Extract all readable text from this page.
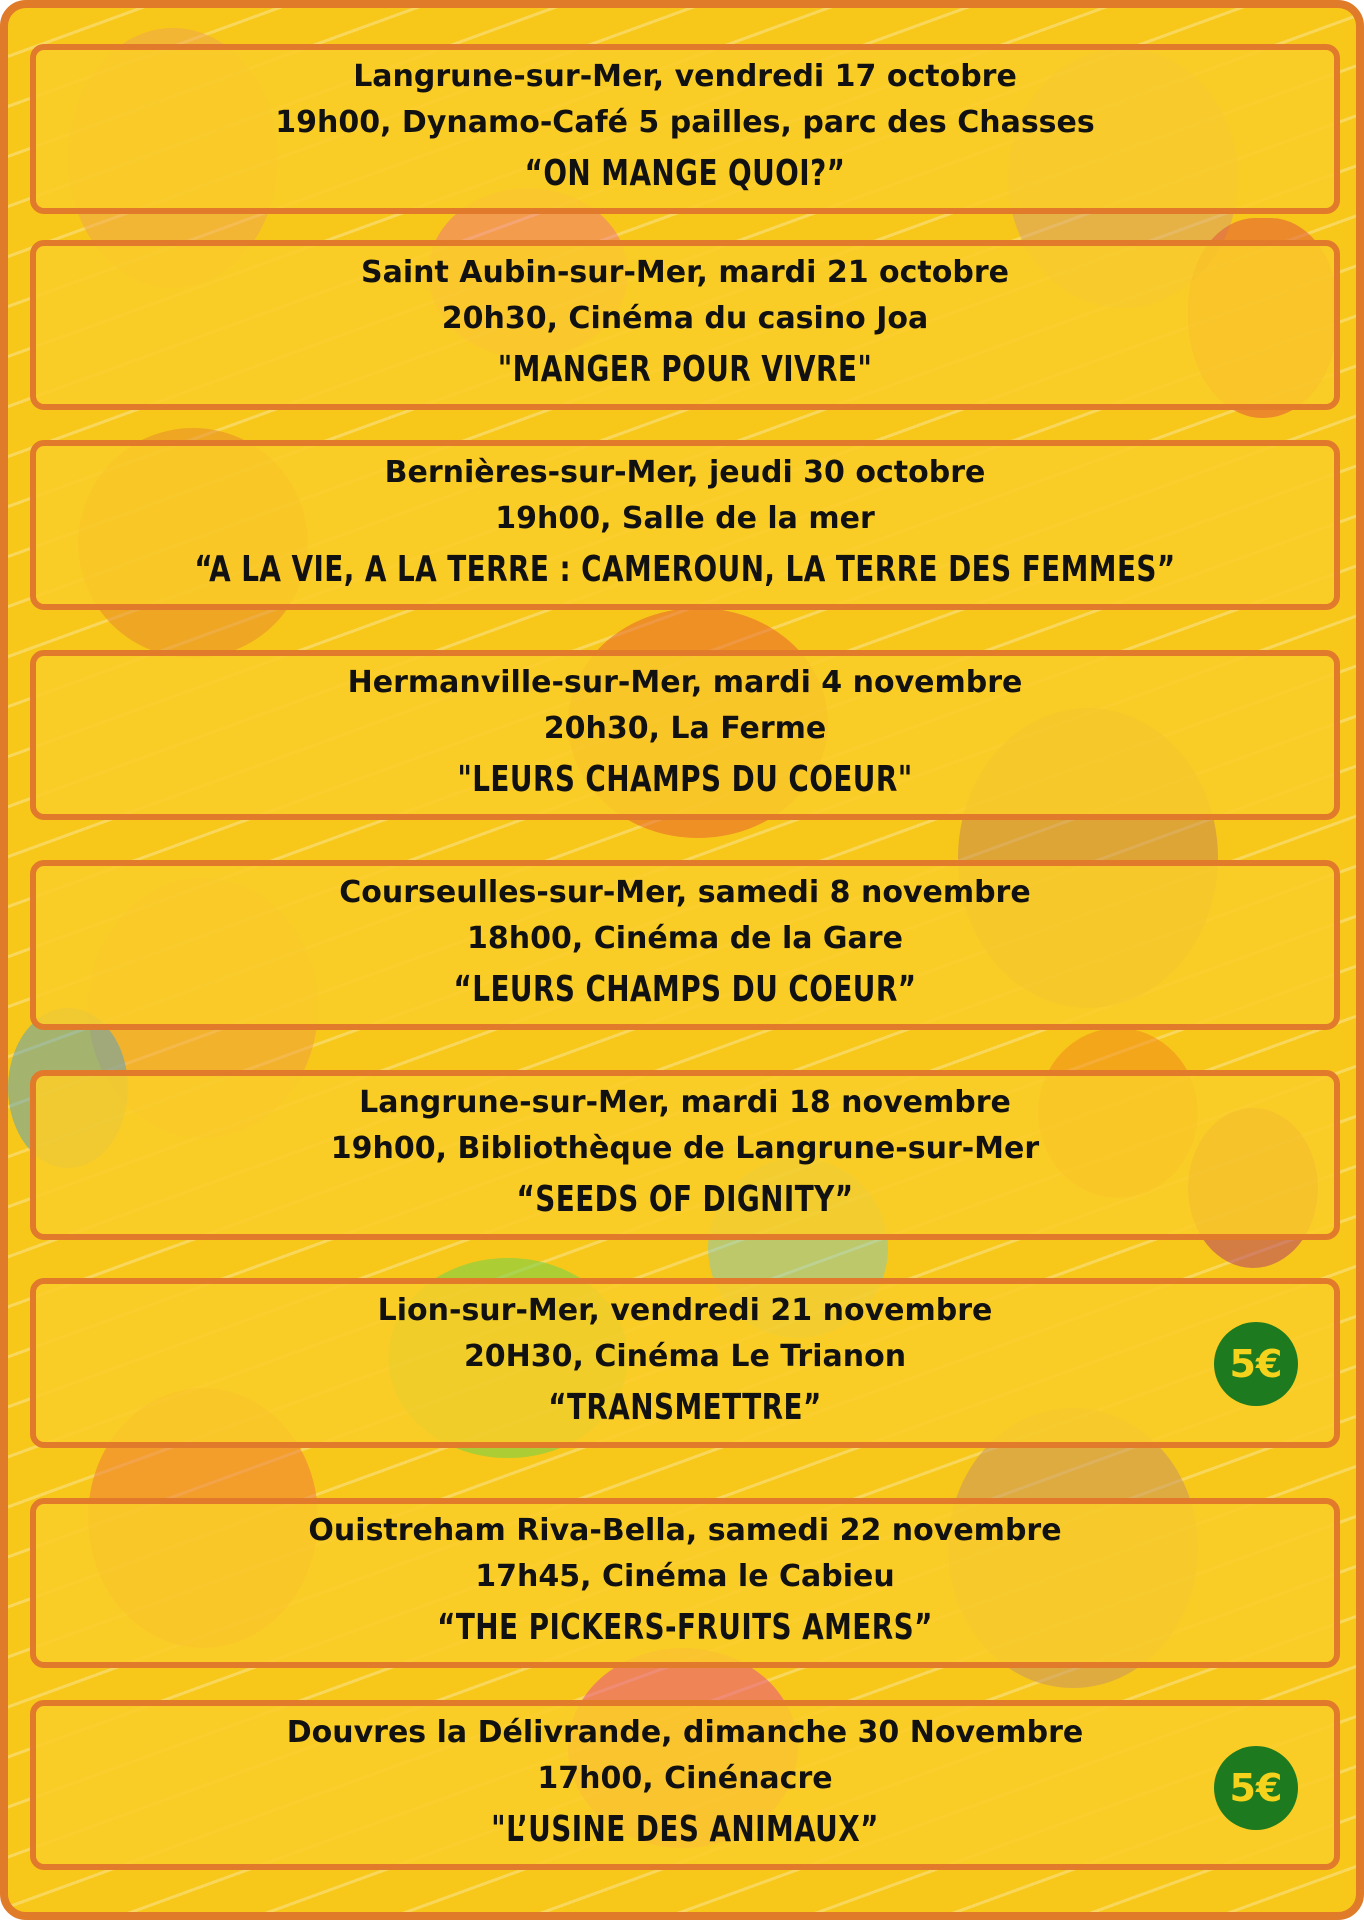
Langrune-sur-Mer, vendredi 17 octobre
19h00, Dynamo-Café 5 pailles, parc des Chasses
“ON MANGE QUOI?”
Saint Aubin-sur-Mer, mardi 21 octobre
20h30, Cinéma du casino Joa
"MANGER POUR VIVRE"
Bernières-sur-Mer, jeudi 30 octobre
19h00, Salle de la mer
“A LA VIE, A LA TERRE : CAMEROUN, LA TERRE DES FEMMES”
Hermanville-sur-Mer, mardi 4 novembre
20h30, La Ferme
"LEURS CHAMPS DU COEUR"
Courseulles-sur-Mer, samedi 8 novembre
18h00, Cinéma de la Gare
“LEURS CHAMPS DU COEUR”
Langrune-sur-Mer, mardi 18 novembre
19h00, Bibliothèque de Langrune-sur-Mer
“SEEDS OF DIGNITY”
Lion-sur-Mer, vendredi 21 novembre
20H30, Cinéma Le Trianon
“TRANSMETTRE”
5€
Ouistreham Riva-Bella, samedi 22 novembre
17h45, Cinéma le Cabieu
“THE PICKERS-FRUITS AMERS”
Douvres la Délivrande, dimanche 30 Novembre
17h00, Cinénacre
"L’USINE DES ANIMAUX”
5€
